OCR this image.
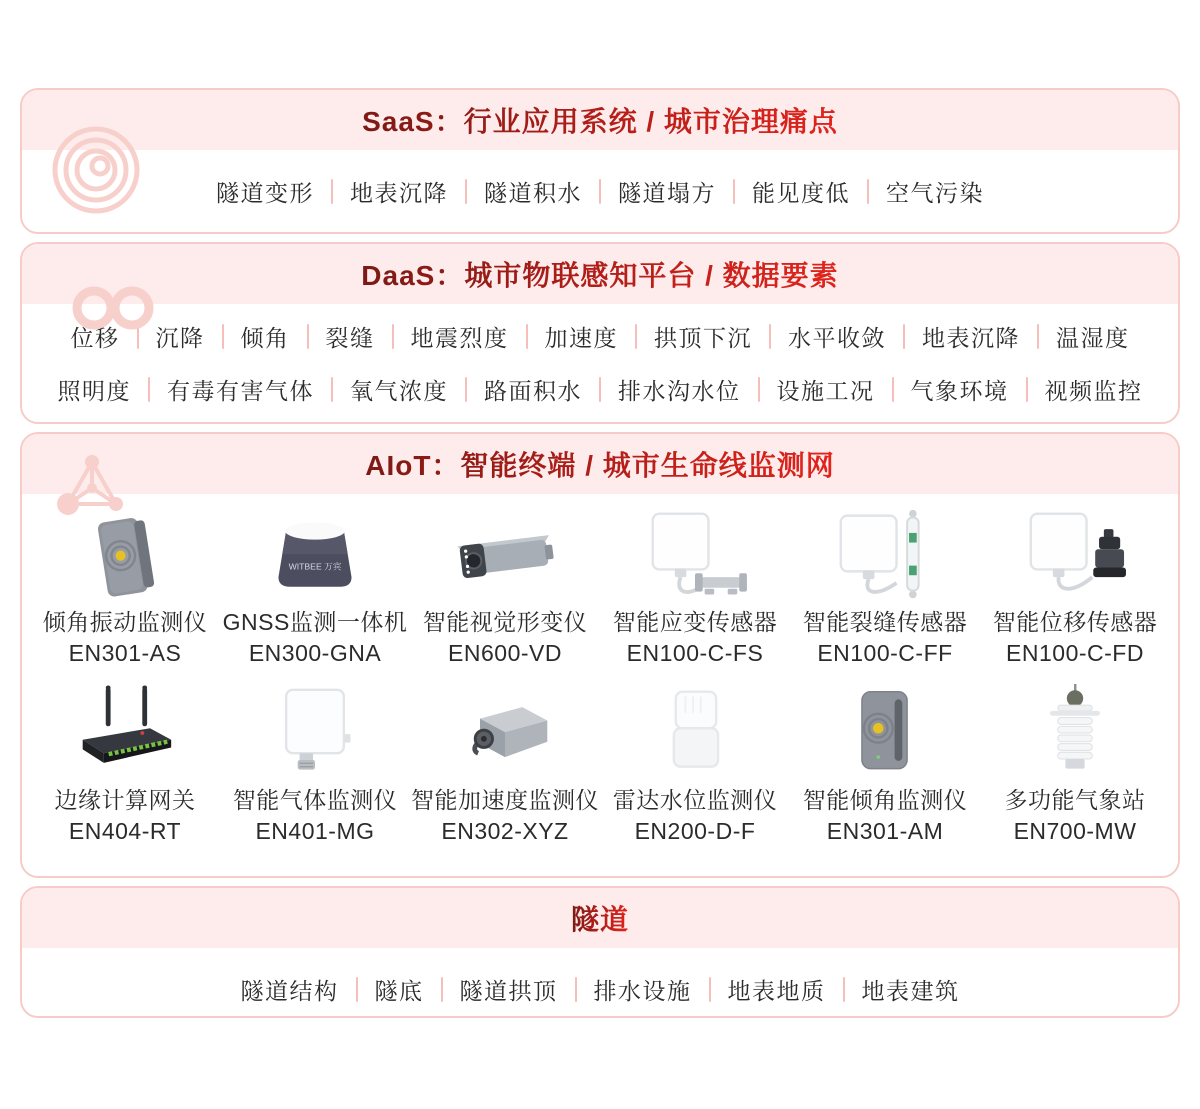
SaaS：行业应用系统 / 城市治理痛点
隧道变形 地表沉降 隧道积水 隧道塌方 能见度低 空气污染
DaaS：城市物联感知平台 / 数据要素
位移 沉降 倾角 裂缝 地震烈度 加速度 拱顶下沉 水平收敛 地表沉降 温湿度
照明度 有毒有害气体 氧气浓度 路面积水 排水沟水位 设施工况 气象环境 视频监控
AIoT：智能终端 / 城市生命线监测网
倾角振动监测仪
EN301-AS
WITBEE 万宾
GNSS监测一体机
EN300-GNA
智能视觉形变仪
EN600-VD
智能应变传感器
EN100-C-FS
智能裂缝传感器
EN100-C-FF
智能位移传感器
EN100-C-FD
边缘计算网关
EN404-RT
智能气体监测仪
EN401-MG
智能加速度监测仪
EN302-XYZ
雷达水位监测仪
EN200-D-F
智能倾角监测仪
EN301-AM
多功能气象站
EN700-MW
隧道
隧道结构 隧底 隧道拱顶 排水设施 地表地质 地表建筑
